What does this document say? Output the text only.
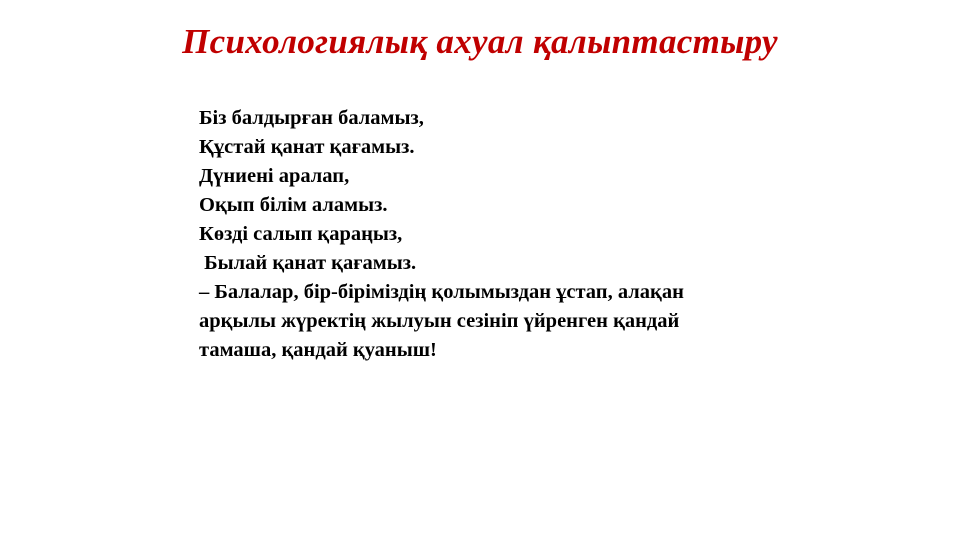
Психологиялық ахуал қалыптастыру
Біз балдырған баламыз,
Құстай қанат қағамыз.
Дүниені аралап,
Оқып білім аламыз.
Көзді салып қараңыз,
Былай қанат қағамыз.
– Балалар, бір-біріміздің қолымыздан ұстап, алақан
арқылы жүректің жылуын сезініп үйренген қандай
тамаша, қандай қуаныш!
